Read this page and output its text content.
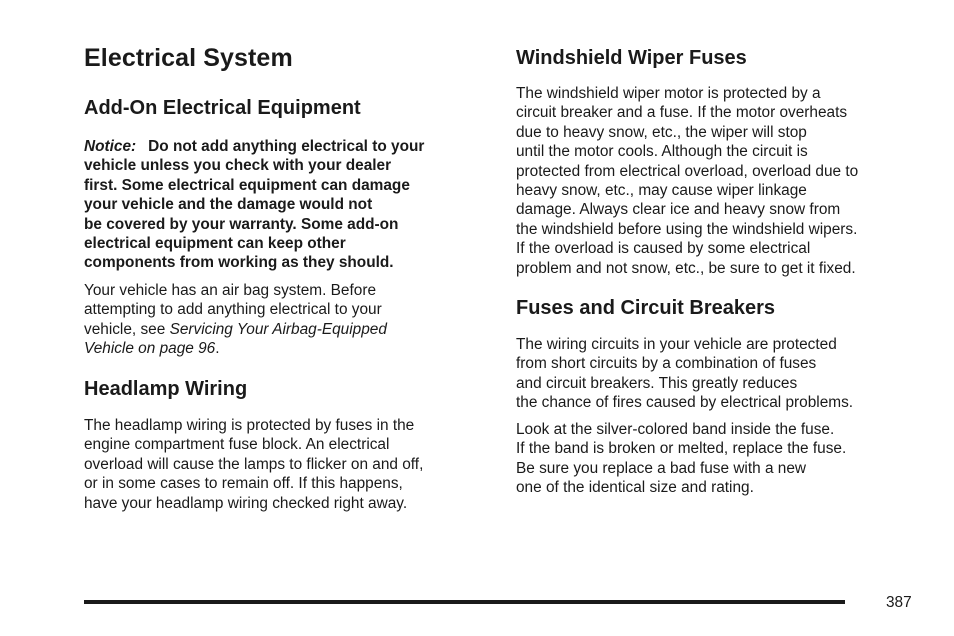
Electrical System
Add-On Electrical Equipment

Notice: Do not add anything electrical to your
vehicle unless you check with your dealer
first. Some electrical equipment can damage
your vehicle and the damage would not
be covered by your warranty. Some add-on
electrical equipment can keep other
components from working as they should.

Your vehicle has an air bag system. Before
attempting to add anything electrical to your
vehicle, see Servicing Your Airbag-Equipped
Vehicle on page 96.

Headlamp Wiring

The headlamp wiring is protected by fuses in the
engine compartment fuse block. An electrical
overload will cause the lamps to flicker on and off,
or in some cases to remain off. If this happens,
have your headlamp wiring checked right away.

Windshield Wiper Fuses

The windshield wiper motor is protected by a
circuit breaker and a fuse. If the motor overheats
due to heavy snow, etc., the wiper will stop
until the motor cools. Although the circuit is
protected from electrical overload, overload due to
heavy snow, etc., may cause wiper linkage
damage. Always clear ice and heavy snow from
the windshield before using the windshield wipers.
If the overload is caused by some electrical
problem and not snow, etc., be sure to get it fixed.

Fuses and Circuit Breakers

The wiring circuits in your vehicle are protected
from short circuits by a combination of fuses
and circuit breakers. This greatly reduces
the chance of fires caused by electrical problems.

Look at the silver-colored band inside the fuse.
If the band is broken or melted, replace the fuse.
Be sure you replace a bad fuse with a new
one of the identical size and rating.

387
